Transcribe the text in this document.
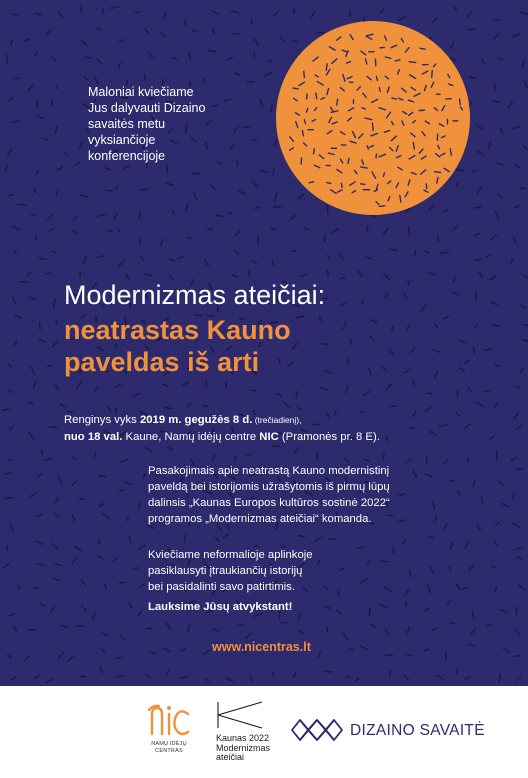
Maloniai kviečiame
Jus dalyvauti Dizaino
savaitės metu
vyksiančioje
konferencijoje

Modernizmas ateičiai:
neatrastas Kauno
paveldas iš arti

Renginys vyks 2019 m. gegužės 8 d. (trečiadienį),
nuo 18 val. Kaune, Namų idėjų centre NIC (Pramonės pr. 8 E).

Pasakojimais apie neatrastą Kauno modernistinį
paveldą bei istorijomis užrašytomis iš pirmų lūpų
dalinsis „Kaunas Europos kultūros sostinė 2022“
programos „Modernizmas ateičiai“ komanda.

Kviečiame neformalioje aplinkoje
pasiklausyti įtraukiančių istorijų
bei pasidalinti savo patirtimis.

Lauksime Jūsų atvykstant!

www.nicentras.lt

NAMŲ IDĖJŲ
CENTRAS
Kaunas 2022
Modernizmas
ateičiai

DIZAINO SAVAITĖ
